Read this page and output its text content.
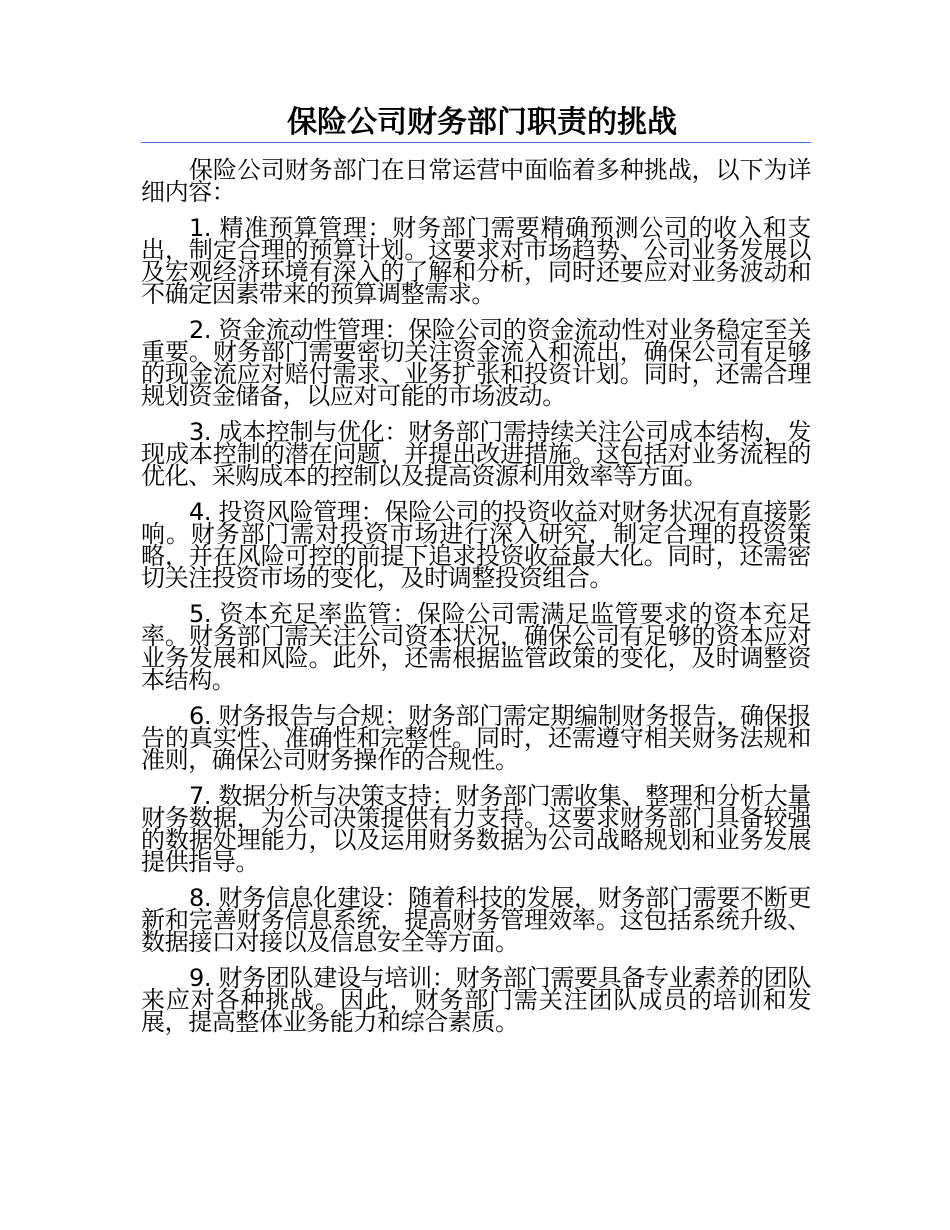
保险公司财务部门职责的挑战

保险公司财务部门在日常运营中面临着多种挑战，以下为详细内容：

1. 精准预算管理：财务部门需要精确预测公司的收入和支出，制定合理的预算计划。这要求对市场趋势、公司业务发展以及宏观经济环境有深入的了解和分析，同时还要应对业务波动和不确定因素带来的预算调整需求。

2. 资金流动性管理：保险公司的资金流动性对业务稳定至关重要。财务部门需要密切关注资金流入和流出，确保公司有足够的现金流应对赔付需求、业务扩张和投资计划。同时，还需合理规划资金储备，以应对可能的市场波动。

3. 成本控制与优化：财务部门需持续关注公司成本结构，发现成本控制的潜在问题，并提出改进措施。这包括对业务流程的优化、采购成本的控制以及提高资源利用效率等方面。

4. 投资风险管理：保险公司的投资收益对财务状况有直接影响。财务部门需对投资市场进行深入研究，制定合理的投资策略，并在风险可控的前提下追求投资收益最大化。同时，还需密切关注投资市场的变化，及时调整投资组合。

5. 资本充足率监管：保险公司需满足监管要求的资本充足率。财务部门需关注公司资本状况，确保公司有足够的资本应对业务发展和风险。此外，还需根据监管政策的变化，及时调整资本结构。

6. 财务报告与合规：财务部门需定期编制财务报告，确保报告的真实性、准确性和完整性。同时，还需遵守相关财务法规和准则，确保公司财务操作的合规性。

7. 数据分析与决策支持：财务部门需收集、整理和分析大量财务数据，为公司决策提供有力支持。这要求财务部门具备较强的数据处理能力，以及运用财务数据为公司战略规划和业务发展提供指导。

8. 财务信息化建设：随着科技的发展，财务部门需要不断更新和完善财务信息系统，提高财务管理效率。这包括系统升级、数据接口对接以及信息安全等方面。

9. 财务团队建设与培训：财务部门需要具备专业素养的团队来应对各种挑战。因此，财务部门需关注团队成员的培训和发展，提高整体业务能力和综合素质。
